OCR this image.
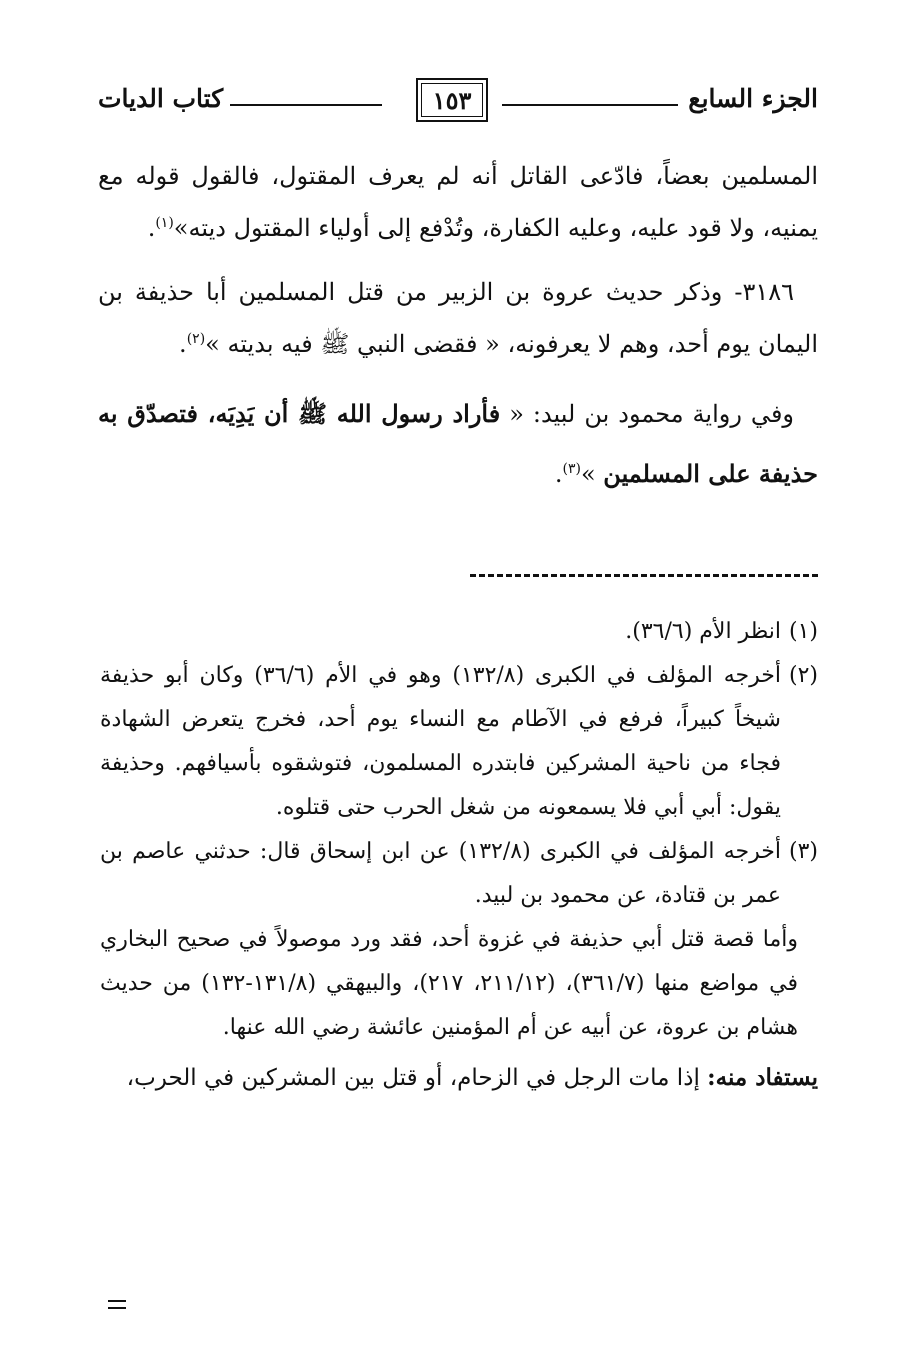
الجزء السابع
١٥٣
كتاب الديات

المسلمين بعضاً، فادّعى القاتل أنه لم يعرف المقتول، فالقول قوله مع يمنيه، ولا قود عليه، وعليه الكفارة، وتُدْفع إلى أولياء المقتول ديته»$^{(١)}$.

٣١٨٦- وذكر حديث عروة بن الزبير من قتل المسلمين أبا حذيفة بن اليمان يوم أحد، وهم لا يعرفونه، « فقضى النبي ﷺ فيه بديته »$^{(٢)}$.

وفي رواية محمود بن لبيد: « فأراد رسول الله ﷺ أن يَدِيَه، فتصدّق به حذيفة على المسلمين »$^{(٣)}$.

(١)

انظر الأم (٣٦/٦).

(٢)

أخرجه المؤلف في الكبرى (١٣٢/٨) وهو في الأم (٣٦/٦) وكان أبو حذيفة شيخاً كبيراً، فرفع في الآطام مع النساء يوم أحد، فخرج يتعرض الشهادة فجاء من ناحية المشركين فابتدره المسلمون، فتوشقوه بأسيافهم. وحذيفة يقول: أبي أبي فلا يسمعونه من شغل الحرب حتى قتلوه.

(٣)

أخرجه المؤلف في الكبرى (١٣٢/٨) عن ابن إسحاق قال: حدثني عاصم بن عمر بن قتادة، عن محمود بن لبيد.

وأما قصة قتل أبي حذيفة في غزوة أحد، فقد ورد موصولاً في صحيح البخاري في مواضع منها (٣٦١/٧)، (٢١١/١٢، ٢١٧)، والبيهقي (١٣١/٨-١٣٢) من حديث هشام بن عروة، عن أبيه عن أم المؤمنين عائشة رضي الله عنها.

يستفاد منه: إذا مات الرجل في الزحام، أو قتل بين المشركين في الحرب،
